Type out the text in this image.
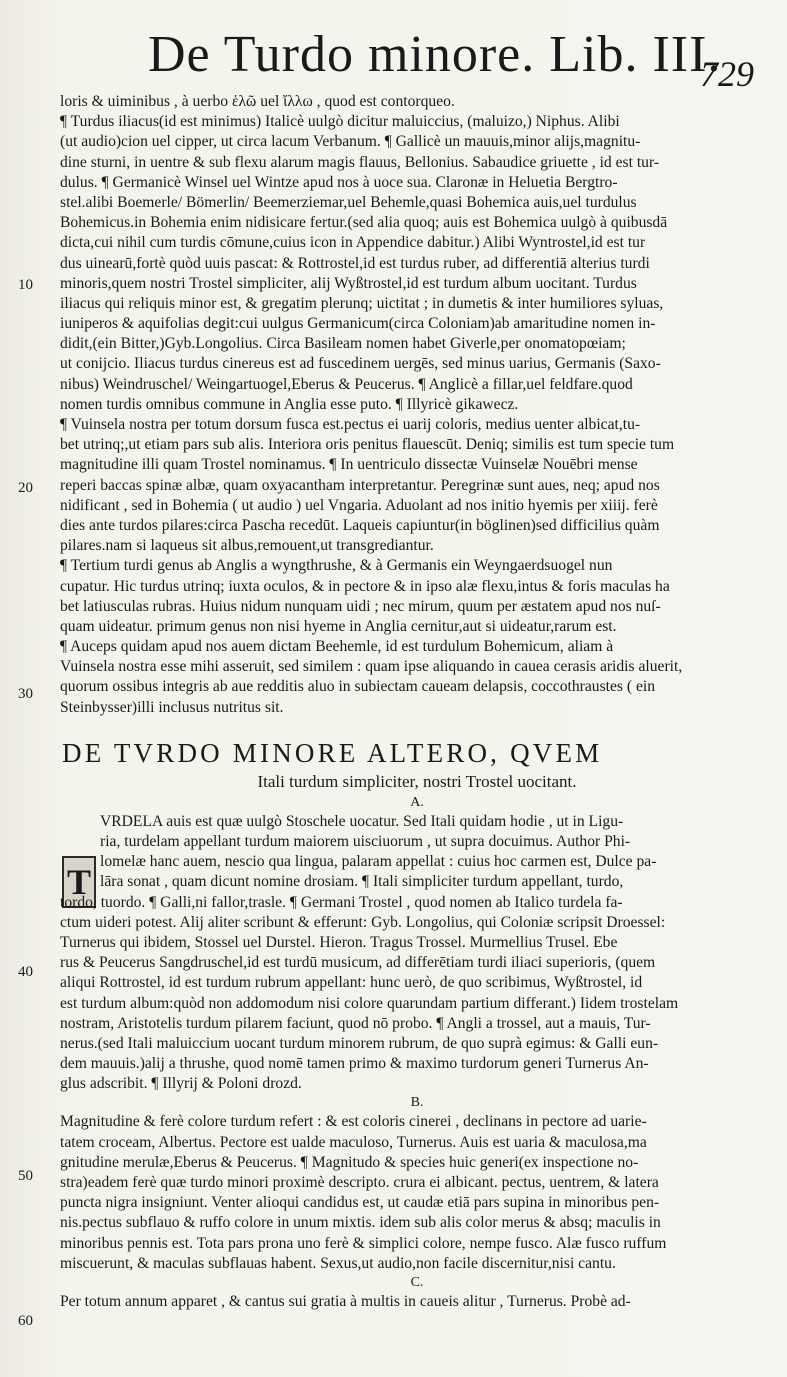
De Turdo minore. Lib. III.
729
10
20
30
40
50
60
T
loris & uiminibus , à uerbo ἑλῶ uel ἴλλω , quod est contorqueo.
¶ Turdus iliacus(id est minimus) Italicè uulgò dicitur maluiccius, (maluizo,) Niphus. Alibi
(ut audio)cion uel cipper, ut circa lacum Verbanum. ¶ Gallicè un mauuis,minor alijs,magnitu-
dine sturni, in uentre & sub flexu alarum magis flauus, Bellonius. Sabaudice griuette , id est tur-
dulus. ¶ Germanicè Winsel uel Wintze apud nos à uoce sua. Claronæ in Heluetia Bergtro-
stel.alibi Boemerle/ Bömerlin/ Beemerziemar,uel Behemle,quasi Bohemica auis,uel turdulus
Bohemicus.in Bohemia enim nidisicare fertur.(sed alia quoq; auis est Bohemica uulgò à quibusdā
dicta,cui nihil cum turdis cōmune,cuius icon in Appendice dabitur.) Alibi Wyntrostel,id est tur
dus uinearū,fortè quòd uuis pascat: & Rottrostel,id est turdus ruber, ad differentiā alterius turdi
minoris,quem nostri Trostel simpliciter, alij Wyßtrostel,id est turdum album uocitant. Turdus
iliacus qui reliquis minor est, & gregatim plerunq; uictitat ; in dumetis & inter humiliores syluas,
iuniperos & aquifolias degit:cui uulgus Germanicum(circa Coloniam)ab amaritudine nomen in-
didit,(ein Bitter,)Gyb.Longolius. Circa Basileam nomen habet Giverle,per onomatopœiam;
ut conijcio. Iliacus turdus cinereus est ad fuscedinem uergēs, sed minus uarius, Germanis (Saxo-
nibus) Weindruschel/ Weingartuogel,Eberus & Peucerus. ¶ Anglicè a fillar,uel feldfare.quod
nomen turdis omnibus commune in Anglia esse puto. ¶ Illyricè gikawecz.
¶ Vuinsela nostra per totum dorsum fusca est.pectus ei uarij coloris, medius uenter albicat,tu-
bet utrinq;,ut etiam pars sub alis. Interiora oris penitus flauescūt. Deniq; similis est tum specie tum
magnitudine illi quam Trostel nominamus. ¶ In uentriculo dissectæ Vuinselæ Nouēbri mense
reperi baccas spinæ albæ, quam oxyacantham interpretantur. Peregrinæ sunt aues, neq; apud nos
nidificant , sed in Bohemia ( ut audio ) uel Vngaria. Aduolant ad nos initio hyemis per xiiij. ferè
dies ante turdos pilares:circa Pascha recedūt. Laqueis capiuntur(in böglinen)sed difficilius quàm
pilares.nam si laqueus sit albus,remouent,ut transgrediantur.
¶ Tertium turdi genus ab Anglis a wyngthrushe, & à Germanis ein Weyngaerdsuogel nun
cupatur. Hic turdus utrinq; iuxta oculos, & in pectore & in ipso alæ flexu,intus & foris maculas ha
bet latiusculas rubras. Huius nidum nunquam uidi ; nec mirum, quum per æstatem apud nos nuſ-
quam uideatur. primum genus non nisi hyeme in Anglia cernitur,aut si uideatur,rarum est.
¶ Auceps quidam apud nos auem dictam Beehemle, id est turdulum Bohemicum, aliam à
Vuinsela nostra esse mihi asseruit, sed similem : quam ipse aliquando in cauea cerasis aridis aluerit,
quorum ossibus integris ab aue redditis aluo in subiectam caueam delapsis, coccothraustes ( ein
Steinbysser)illi inclusus nutritus sit.
DE TVRDO MINORE ALTERO, QVEM
Itali turdum simpliciter, nostri Trostel uocitant.
A.
VRDELA auis est quæ uulgò Stoschele uocatur. Sed Itali quidam hodie , ut in Ligu-
ria, turdelam appellant turdum maiorem uisciuorum , ut supra docuimus. Author Phi-
lomelæ hanc auem, nescio qua lingua, palaram appellat : cuius hoc carmen est, Dulce pa-
lāra sonat , quam dicunt nomine drosiam. ¶ Itali simpliciter turdum appellant, turdo,
tordo, tuordo. ¶ Galli,ni fallor,trasle. ¶ Germani Trostel , quod nomen ab Italico turdela fa-
ctum uideri potest. Alij aliter scribunt & efferunt: Gyb. Longolius, qui Coloniæ scripsit Droessel:
Turnerus qui ibidem, Stossel uel Durstel. Hieron. Tragus Trossel. Murmellius Trusel. Ebe
rus & Peucerus Sangdruschel,id est turdū musicum, ad differētiam turdi iliaci superioris, (quem
aliqui Rottrostel, id est turdum rubrum appellant: hunc uerò, de quo scribimus, Wyßtrostel, id
est turdum album:quòd non addomodum nisi colore quarundam partium differant.) Iidem trostelam
nostram, Aristotelis turdum pilarem faciunt, quod nō probo. ¶ Angli a trossel, aut a mauis, Tur-
nerus.(sed Itali maluiccium uocant turdum minorem rubrum, de quo suprà egimus: & Galli eun-
dem mauuis.)alij a thrushe, quod nomē tamen primo & maximo turdorum generi Turnerus An-
glus adscribit. ¶ Illyrij & Poloni drozd.
B.
Magnitudine & ferè colore turdum refert : & est coloris cinerei , declinans in pectore ad uarie-
tatem croceam, Albertus. Pectore est ualde maculoso, Turnerus. Auis est uaria & maculosa,ma
gnitudine merulæ,Eberus & Peucerus. ¶ Magnitudo & species huic generi(ex inspectione no-
stra)eadem ferè quæ turdo minori proximè descripto. crura ei albicant. pectus, uentrem, & latera
puncta nigra insigniunt. Venter alioqui candidus est, ut caudæ etiā pars supina in minoribus pen-
nis.pectus subflauo & ruffo colore in unum mixtis. idem sub alis color merus & absq; maculis in
minoribus pennis est. Tota pars prona uno ferè & simplici colore, nempe fusco. Alæ fusco ruffum
miscuerunt, & maculas subflauas habent. Sexus,ut audio,non facile discernitur,nisi cantu.
C.
Per totum annum apparet , & cantus sui gratia à multis in caueis alitur , Turnerus. Probè ad-
